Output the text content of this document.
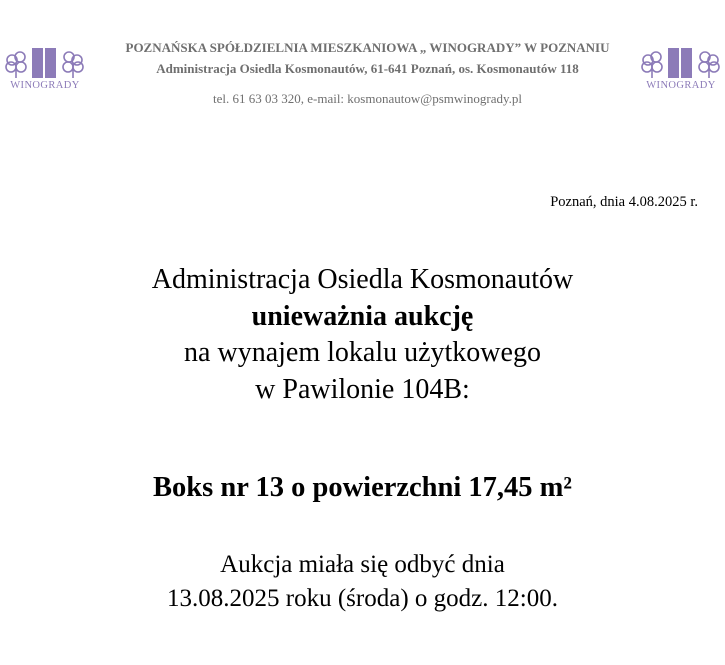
WINOGRADY	WINOGRADY
POZNAŃSKA SPÓŁDZIELNIA MIESZKANIOWA „ WINOGRADY” W POZNANIU
Administracja Osiedla Kosmonautów, 61-641 Poznań, os. Kosmonautów 118
tel. 61 63 03 320, e-mail: kosmonautow@psmwinogrady.pl
Poznań, dnia 4.08.2025 r.
Administracja Osiedla Kosmonautów
unieważnia aukcję
na wynajem lokalu użytkowego
w Pawilonie 104B:
Boks nr 13 o powierzchni 17,45 m²
Aukcja miała się odbyć dnia
13.08.2025 roku (środa) o godz. 12:00.
